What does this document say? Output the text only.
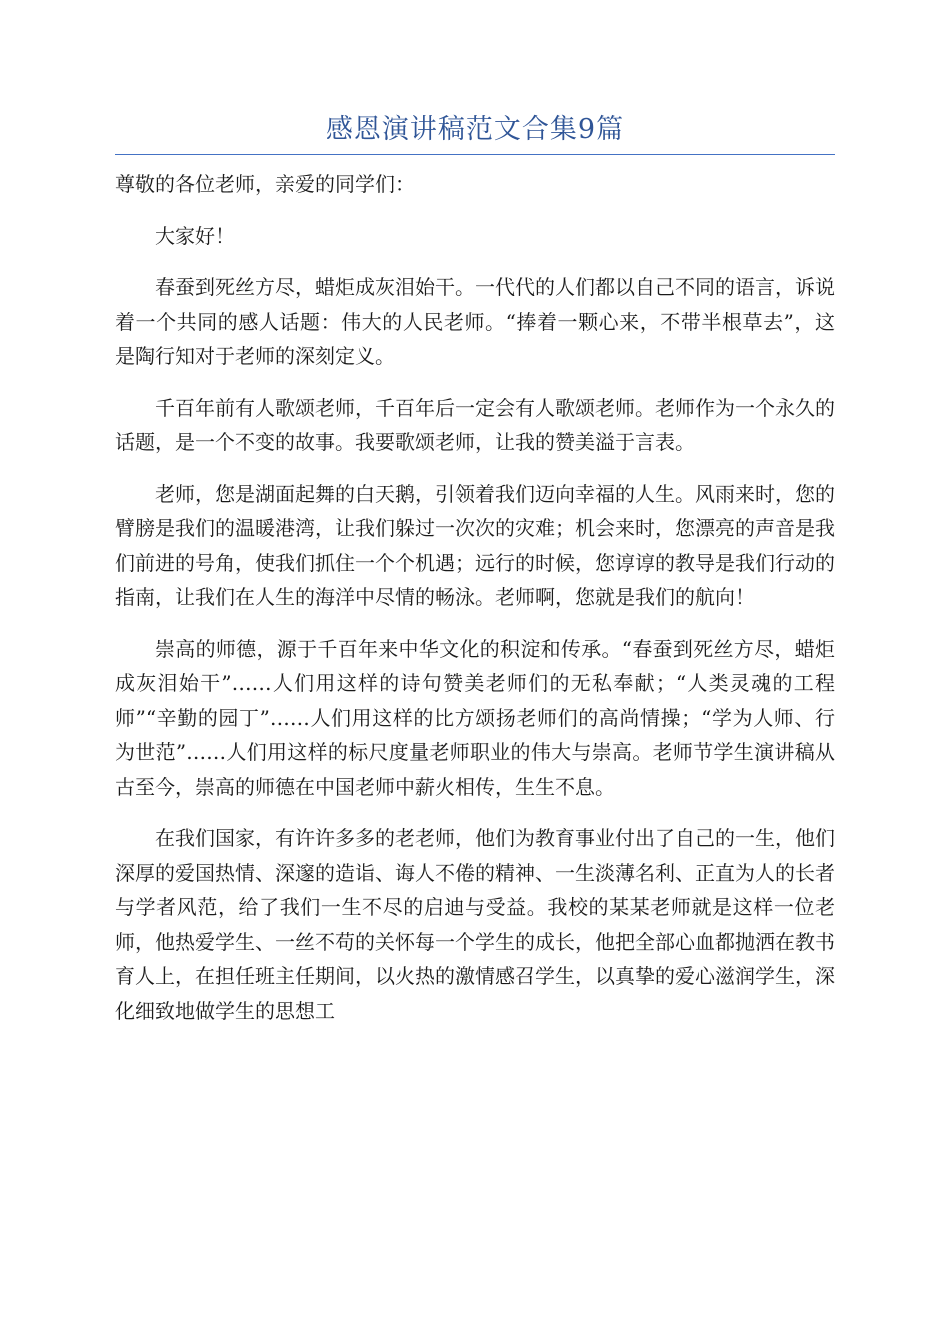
感恩演讲稿范文合集9篇

尊敬的各位老师，亲爱的同学们：

大家好！

春蚕到死丝方尽，蜡炬成灰泪始干。一代代的人们都以自己不同的语言，诉说着一个共同的感人话题：伟大的人民老师。“捧着一颗心来，不带半根草去”，这是陶行知对于老师的深刻定义。

千百年前有人歌颂老师，千百年后一定会有人歌颂老师。老师作为一个永久的话题，是一个不变的故事。我要歌颂老师，让我的赞美溢于言表。

老师，您是湖面起舞的白天鹅，引领着我们迈向幸福的人生。风雨来时，您的臂膀是我们的温暖港湾，让我们躲过一次次的灾难；机会来时，您漂亮的声音是我们前进的号角，使我们抓住一个个机遇；远行的时候，您谆谆的教导是我们行动的指南，让我们在人生的海洋中尽情的畅泳。老师啊，您就是我们的航向！

崇高的师德，源于千百年来中华文化的积淀和传承。“春蚕到死丝方尽，蜡炬成灰泪始干”……人们用这样的诗句赞美老师们的无私奉献；“人类灵魂的工程师”“辛勤的园丁”……人们用这样的比方颂扬老师们的高尚情操；“学为人师、行为世范”……人们用这样的标尺度量老师职业的伟大与崇高。老师节学生演讲稿从古至今，崇高的师德在中国老师中薪火相传，生生不息。

在我们国家，有许许多多的老老师，他们为教育事业付出了自己的一生，他们深厚的爱国热情、深邃的造诣、诲人不倦的精神、一生淡薄名利、正直为人的长者与学者风范，给了我们一生不尽的启迪与受益。我校的某某老师就是这样一位老师，他热爱学生、一丝不苟的关怀每一个学生的成长，他把全部心血都抛洒在教书育人上，在担任班主任期间，以火热的激情感召学生，以真挚的爱心滋润学生，深化细致地做学生的思想工
